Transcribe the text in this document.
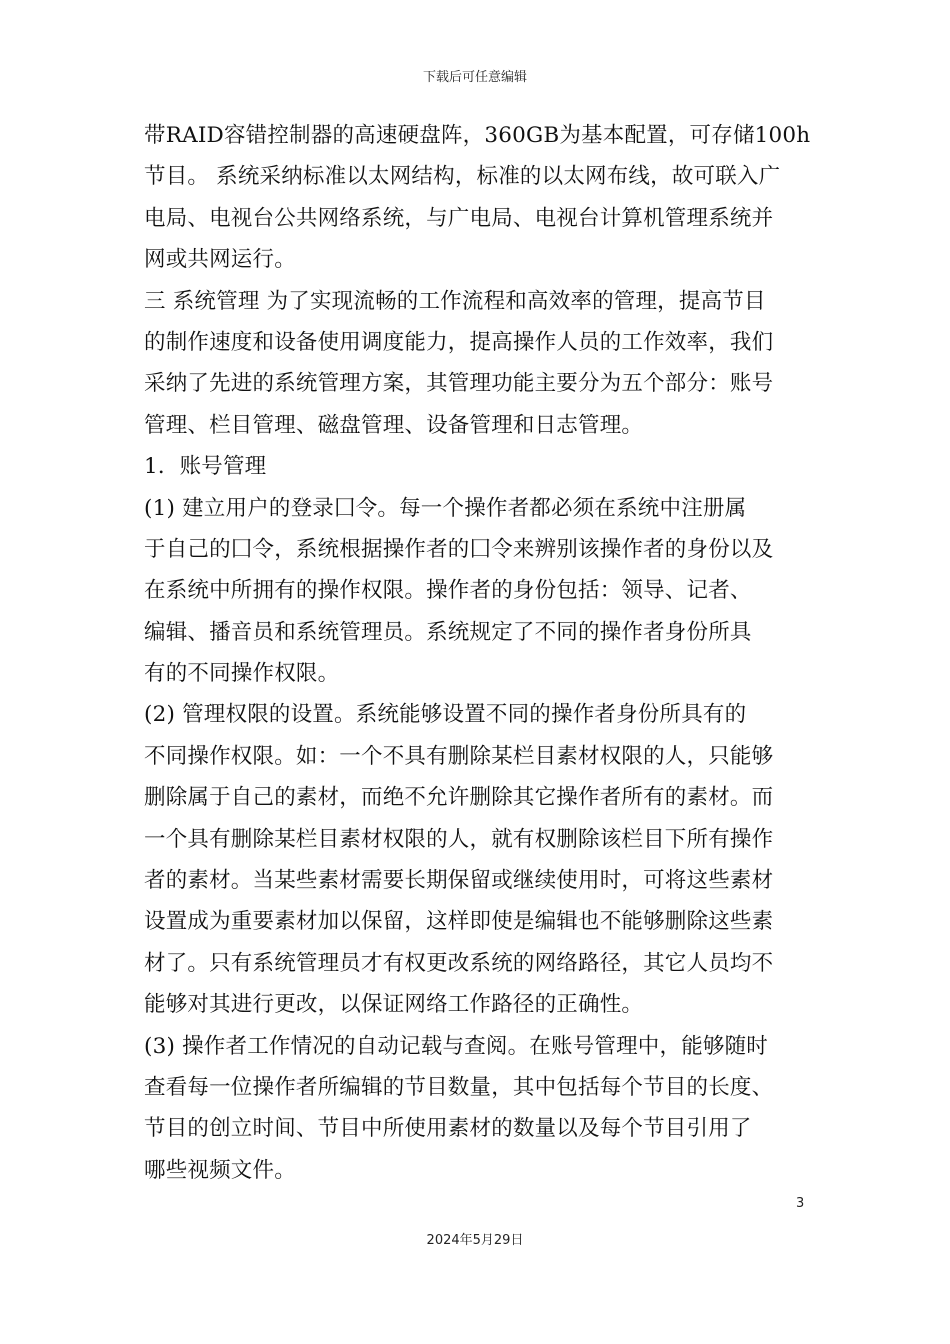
下载后可任意编辑
带RAID容错控制器的高速硬盘阵，360GB为基本配置，可存储100h
节目。 系统采纳标准以太网结构，标准的以太网布线，故可联入广
电局、电视台公共网络系统，与广电局、电视台计算机管理系统并
网或共网运行。
三 系统管理 为了实现流畅的工作流程和高效率的管理，提高节目
的制作速度和设备使用调度能力，提高操作人员的工作效率，我们
采纳了先进的系统管理方案，其管理功能主要分为五个部分：账号
管理、栏目管理、磁盘管理、设备管理和日志管理。
1．账号管理
(1) 建立用户的登录囗令。每一个操作者都必须在系统中注册属
于自己的囗令，系统根据操作者的囗令来辨别该操作者的身份以及
在系统中所拥有的操作权限。操作者的身份包括：领导、记者、
编辑、播音员和系统管理员。系统规定了不同的操作者身份所具
有的不同操作权限。
(2) 管理权限的设置。系统能够设置不同的操作者身份所具有的
不同操作权限。如：一个不具有删除某栏目素材权限的人，只能够
删除属于自己的素材，而绝不允许删除其它操作者所有的素材。而
一个具有删除某栏目素材权限的人，就有权删除该栏目下所有操作
者的素材。当某些素材需要长期保留或继续使用时，可将这些素材
设置成为重要素材加以保留，这样即使是编辑也不能够删除这些素
材了。只有系统管理员才有权更改系统的网络路径，其它人员均不
能够对其进行更改，以保证网络工作路径的正确性。
(3) 操作者工作情况的自动记载与查阅。在账号管理中，能够随时
查看每一位操作者所编辑的节目数量，其中包括每个节目的长度、
节目的创立时间、节目中所使用素材的数量以及每个节目引用了
哪些视频文件。
3
2024年5月29日
